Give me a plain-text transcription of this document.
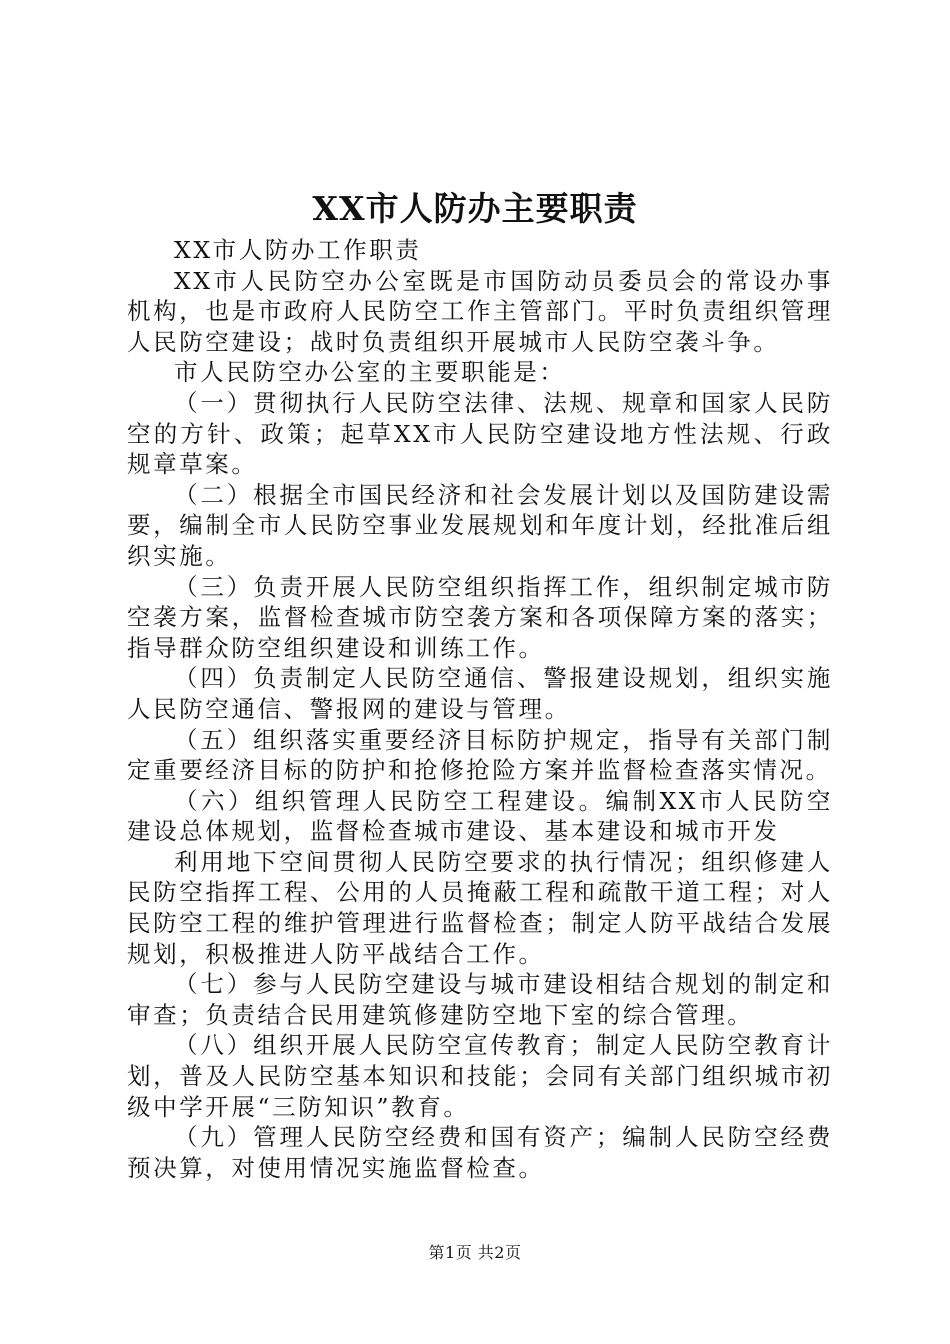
XX市人防办主要职责

XX市人防办工作职责

XX市人民防空办公室既是市国防动员委员会的常设办事机构，也是市政府人民防空工作主管部门。平时负责组织管理人民防空建设；战时负责组织开展城市人民防空袭斗争。

市人民防空办公室的主要职能是：

（一）贯彻执行人民防空法律、法规、规章和国家人民防空的方针、政策；起草XX市人民防空建设地方性法规、行政规章草案。

（二）根据全市国民经济和社会发展计划以及国防建设需要，编制全市人民防空事业发展规划和年度计划，经批准后组织实施。

（三）负责开展人民防空组织指挥工作，组织制定城市防空袭方案，监督检查城市防空袭方案和各项保障方案的落实；指导群众防空组织建设和训练工作。

（四）负责制定人民防空通信、警报建设规划，组织实施人民防空通信、警报网的建设与管理。

（五）组织落实重要经济目标防护规定，指导有关部门制定重要经济目标的防护和抢修抢险方案并监督检查落实情况。

（六）组织管理人民防空工程建设。编制XX市人民防空建设总体规划，监督检查城市建设、基本建设和城市开发

利用地下空间贯彻人民防空要求的执行情况；组织修建人民防空指挥工程、公用的人员掩蔽工程和疏散干道工程；对人民防空工程的维护管理进行监督检查；制定人防平战结合发展规划，积极推进人防平战结合工作。

（七）参与人民防空建设与城市建设相结合规划的制定和审查；负责结合民用建筑修建防空地下室的综合管理。

（八）组织开展人民防空宣传教育；制定人民防空教育计划，普及人民防空基本知识和技能；会同有关部门组织城市初级中学开展“三防知识”教育。

（九）管理人民防空经费和国有资产；编制人民防空经费预决算，对使用情况实施监督检查。

第1页 共2页
